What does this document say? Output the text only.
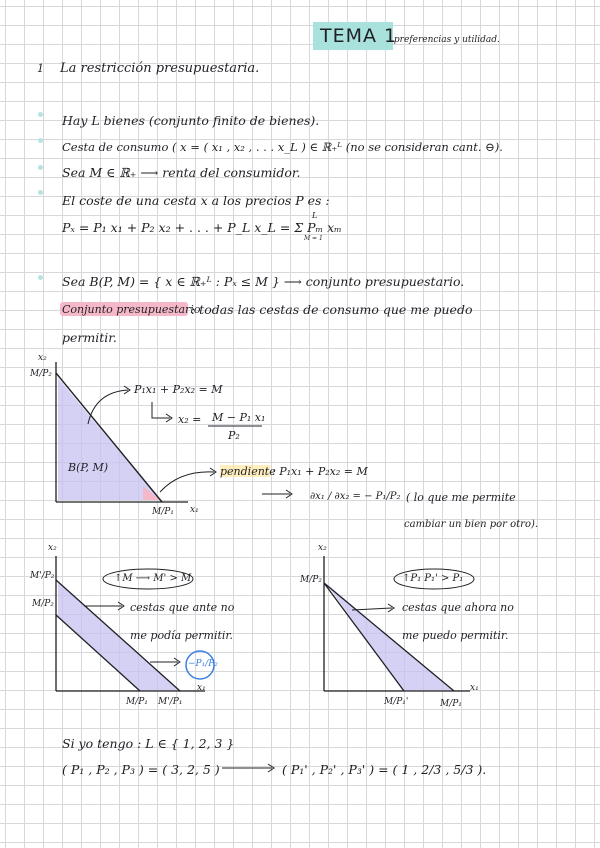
TEMA 1
: preferencias y utilidad.
1 La restricción presupuestaria.
Hay L bienes (conjunto finito de bienes).
Cesta de consumo ( x = ( x₁ , x₂ , . . . x_L ) ∈ ℝ₊ᴸ (no se consideran cant. ⊖).
Sea M ∈ ℝ₊ ⟶ renta del consumidor.
El coste de una cesta x a los precios P es :
Pₓ = P₁ x₁ + P₂ x₂ + . . . + P_L x_L = Σ Pₘ xₘ
L
M = 1
Sea B(P, M) = { x ∈ ℝ₊ᴸ : Pₓ ≤ M } ⟶ conjunto presupuestario.
Conjunto presupuestario
: todas las cestas de consumo que me puedo
permitir.
x₂
M/P₂
M/P₁ x₁
B(P, M)
P₁x₁ + P₂x₂ = M
x₂ = M − P₁ x₁
P₂
pendiente
: P₁x₁ + P₂x₂ = M
∂x₁ / ∂x₂ = − P₁/P₂ ( lo que me permite
cambiar un bien por otro).
x₂
M'/P₂
M/P₂
M/P₁ M'/P₁
x₁
↑M ⟶ M' > M
cestas que ante no
me podía permitir.
−P₁/P₂
x₂
M/P₂
M/P₁'	M/P₁
x₁
↑P₁ P₁' > P₁
cestas que ahora no
me puedo permitir.
Si yo tengo : L ∈ { 1, 2, 3 }
( P₁ , P₂ , P₃ ) = ( 3, 2, 5 )	( P₁' , P₂' , P₃' ) = ( 1 , 2/3 , 5/3 ).
